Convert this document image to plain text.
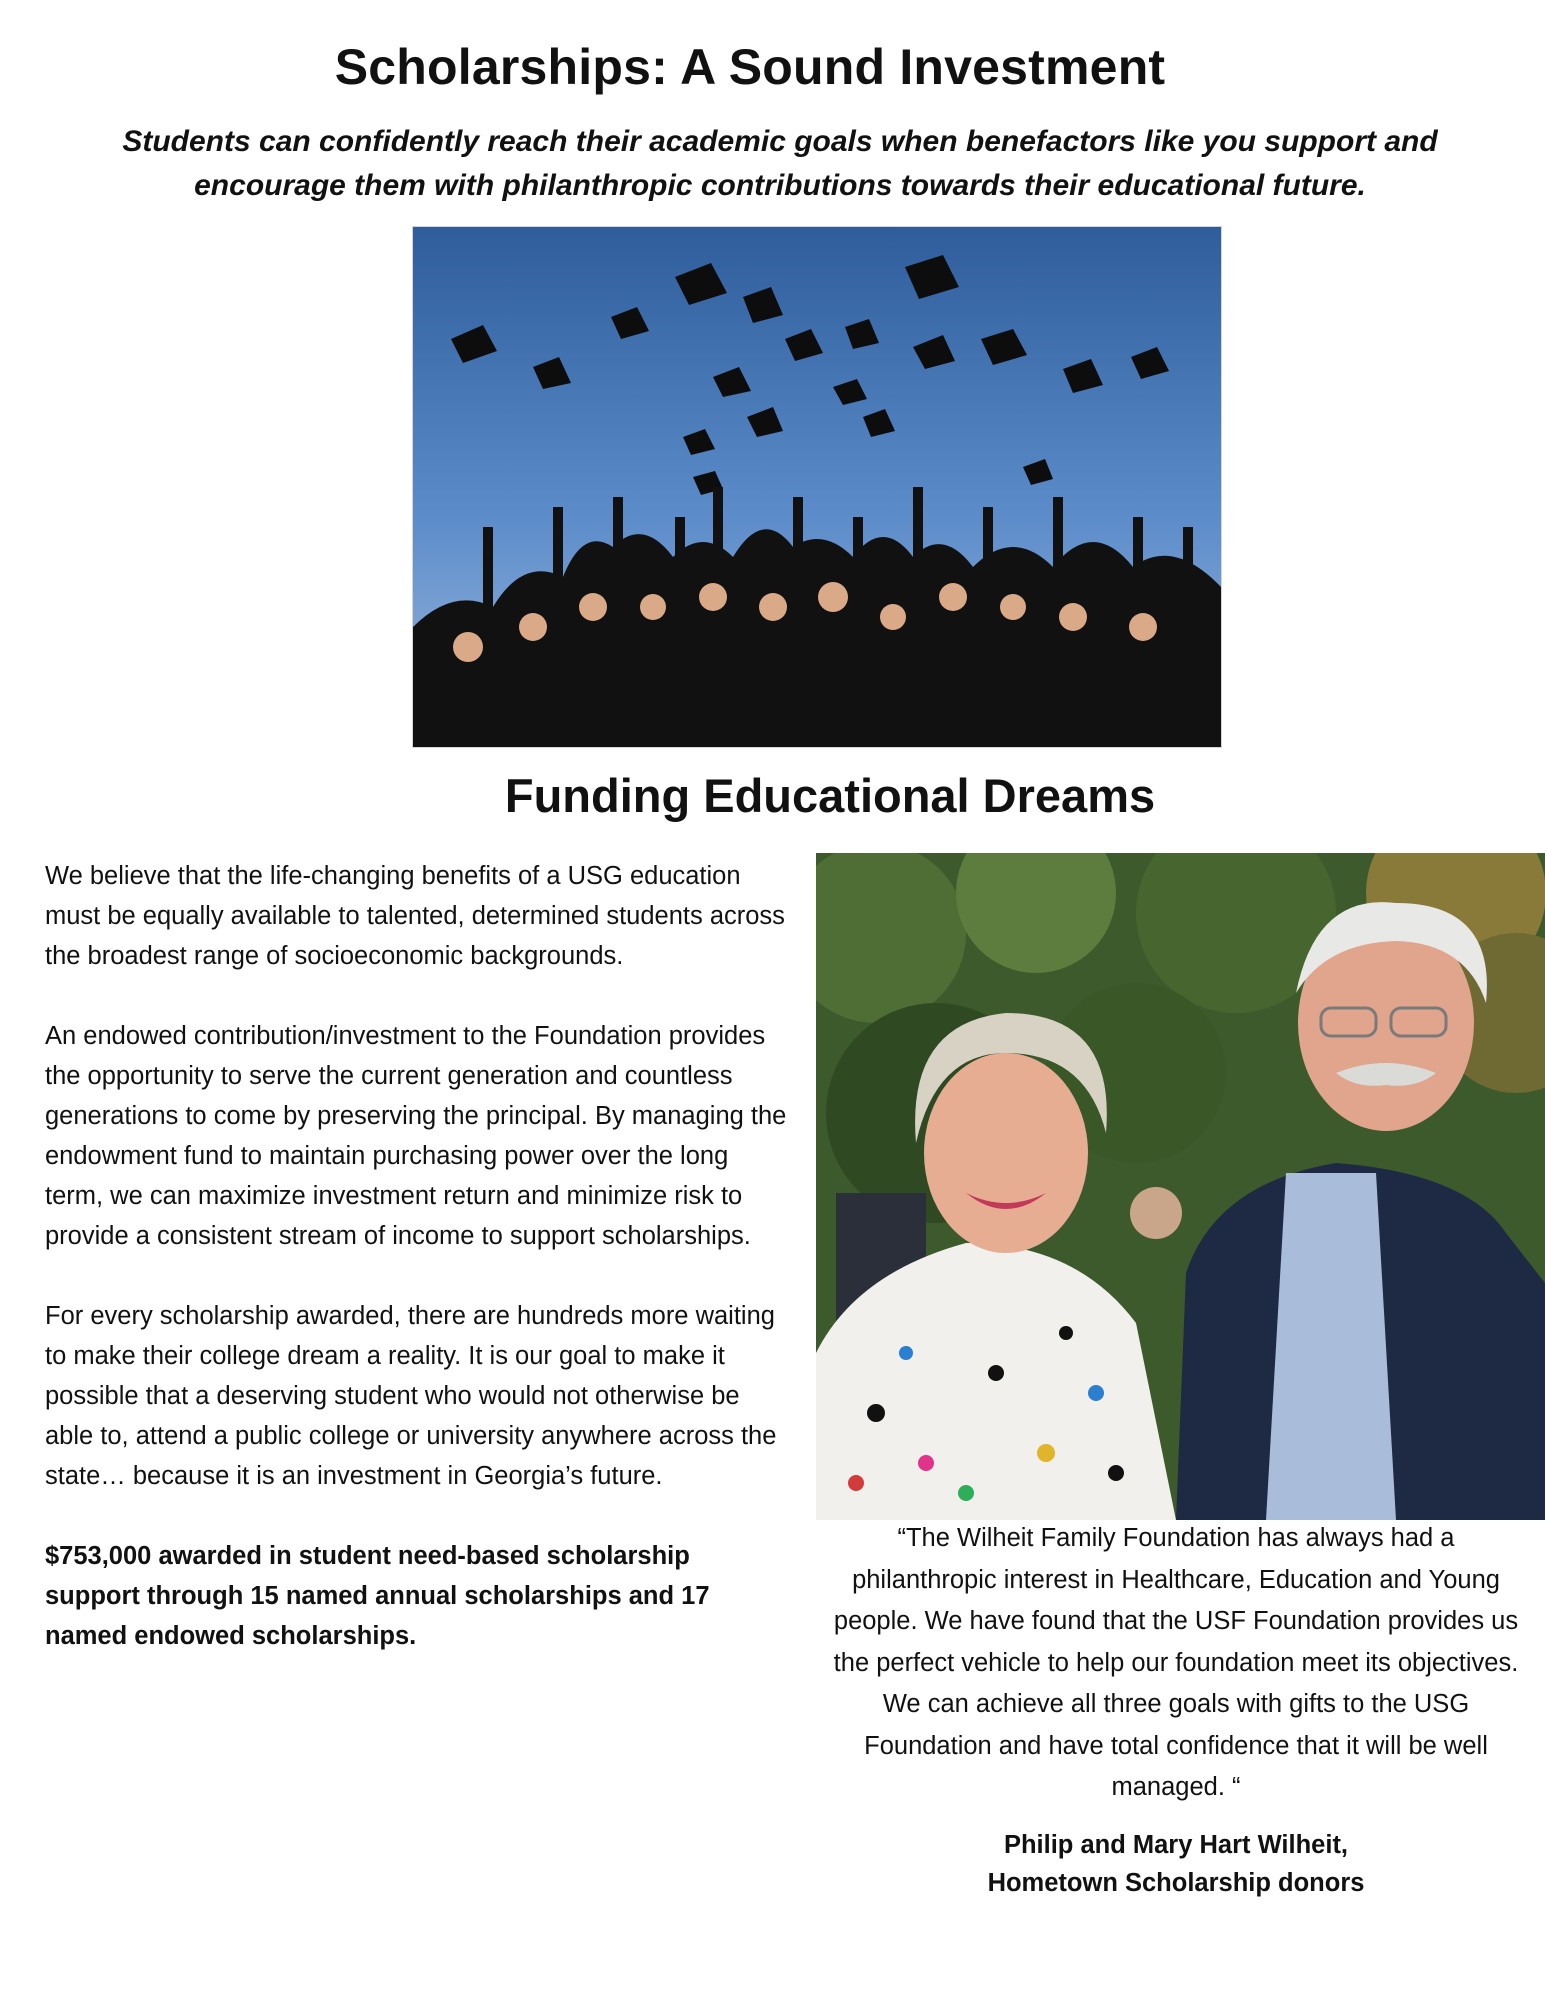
Scholarships: A Sound Investment

Students can confidently reach their academic goals when benefactors like you support and encourage them with philanthropic contributions towards their educational future.

Funding Educational Dreams

We believe that the life-changing benefits of a USG education must be equally available to talented, determined students across the broadest range of socioeconomic backgrounds.

An endowed contribution/investment to the Foundation provides the opportunity to serve the current generation and countless generations to come by preserving the principal. By managing the endowment fund to maintain purchasing power over the long term, we can maximize investment return and minimize risk to provide a consistent stream of income to support scholarships.

For every scholarship awarded, there are hundreds more waiting to make their college dream a reality. It is our goal to make it possible that a deserving student who would not otherwise be able to, attend a public college or university anywhere across the state… because it is an investment in Georgia’s future.

$753,000 awarded in student need-based scholarship support through 15 named annual scholarships and 17 named endowed scholarships.

“The Wilheit Family Foundation has always had a philanthropic interest in Healthcare, Education and Young people. We have found that the USF Foundation provides us the perfect vehicle to help our foundation meet its objectives. We can achieve all three goals with gifts to the USG Foundation and have total confidence that it will be well managed. “

Philip and Mary Hart Wilheit,
Hometown Scholarship donors
